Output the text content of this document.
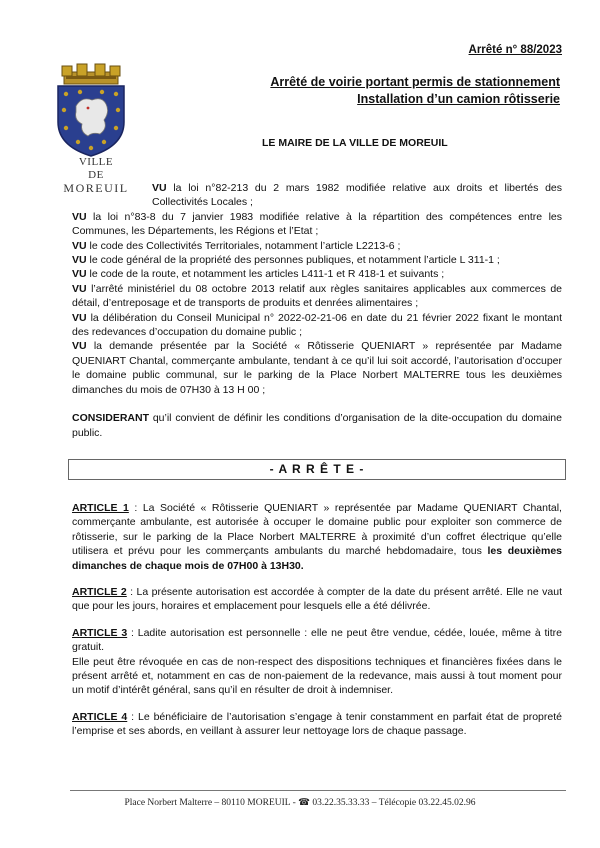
Arrêté n° 88/2023
VILLE
DE
MOREUIL
Arrêté de voirie portant permis de stationnement
Installation d’un camion rôtisserie
LE MAIRE DE LA VILLE DE MOREUIL

VU la loi n°82-213 du 2 mars 1982 modifiée relative aux droits et libertés des Collectivités Locales ;

VU la loi n°83-8 du 7 janvier 1983 modifiée relative à la répartition des compétences entre les Communes, les Départements, les Régions et l’Etat ;

VU le code des Collectivités Territoriales, notamment l’article L2213-6 ;

VU le code général de la propriété des personnes publiques, et notamment l’article L 311-1 ;

VU le code de la route, et notamment les articles L411-1 et R 418-1 et suivants ;

VU l’arrêté ministériel du 08 octobre 2013 relatif aux règles sanitaires applicables aux commerces de détail, d’entreposage et de transports de produits et denrées alimentaires ;

VU la délibération du Conseil Municipal n° 2022-02-21-06 en date du 21 février 2022 fixant le montant des redevances d’occupation du domaine public ;

VU la demande présentée par la Société « Rôtisserie QUENIART » représentée par Madame QUENIART Chantal, commerçante ambulante, tendant à ce qu’il lui soit accordé, l’autorisation d’occuper le domaine public communal, sur le parking de la Place Norbert MALTERRE tous les deuxièmes dimanches du mois de 07H30 à 13 H 00 ;

CONSIDERANT qu’il convient de définir les conditions d’organisation de la dite-occupation du domaine public.

- A R R Ê T E -

ARTICLE 1 : La Société « Rôtisserie QUENIART » représentée par Madame QUENIART Chantal, commerçante ambulante, est autorisée à occuper le domaine public pour exploiter son commerce de rôtisserie, sur le parking de la Place Norbert MALTERRE à proximité d’un coffret électrique qu’elle utilisera et prévu pour les commerçants ambulants du marché hebdomadaire, tous les deuxièmes dimanches de chaque mois de 07H00 à 13H30.

ARTICLE 2 : La présente autorisation est accordée à compter de la date du présent arrêté. Elle ne vaut que pour les jours, horaires et emplacement pour lesquels elle a été délivrée.

ARTICLE 3 : Ladite autorisation est personnelle : elle ne peut être vendue, cédée, louée, même à titre gratuit.

Elle peut être révoquée en cas de non-respect des dispositions techniques et financières fixées dans le présent arrêté et, notamment en cas de non-paiement de la redevance, mais aussi à tout moment pour un motif d’intérêt général, sans qu’il en résulter de droit à indemniser.

ARTICLE 4 : Le bénéficiaire de l’autorisation s’engage à tenir constamment en parfait état de propreté l’emprise et ses abords, en veillant à assurer leur nettoyage lors de chaque passage.

Place Norbert Malterre – 80110 MOREUIL - ☎ 03.22.35.33.33 – Télécopie 03.22.45.02.96
